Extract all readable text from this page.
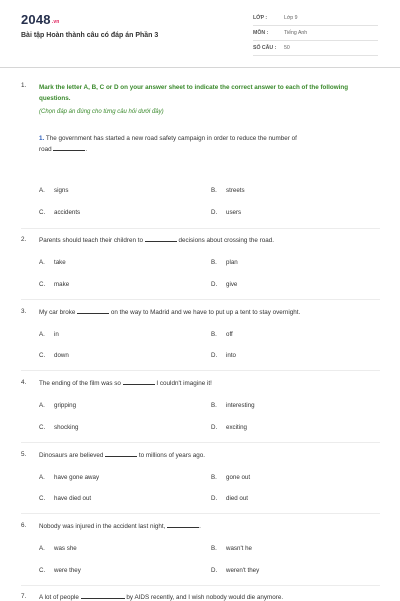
2048.vn
Bài tập Hoàn thành câu có đáp án Phần 3
LỚP :	Lớp 9
MÔN :	Tiếng Anh
SỐ CÂU : 50
1. Mark the letter A, B, C or D on your answer sheet to indicate the correct answer to each of the following questions.
(Chọn đáp án đúng cho từng câu hỏi dưới đây)
1. The government has started a new road safety campaign in order to reduce the number of
road	.
A. signs	B. streets
C. accidents	D. users
2. Parents should teach their children to	decisions about crossing the road.
A. take	B. plan
C. make	D. give
3. My car broke	on the way to Madrid and we have to put up a tent to stay overnight.
A. in	B. off
C. down	D. into
4. The ending of the film was so	I couldn't imagine it!
A. gripping	B. interesting
C. shocking	D. exciting
5. Dinosaurs are believed	to millions of years ago.
A. have gone away	B. gone out
C. have died out	D. died out
6. Nobody was injured in the accident last night,	.
A. was she	B. wasn't he
C. were they	D. weren't they
7. A lot of people	by AIDS recently, and I wish nobody would die anymore.
